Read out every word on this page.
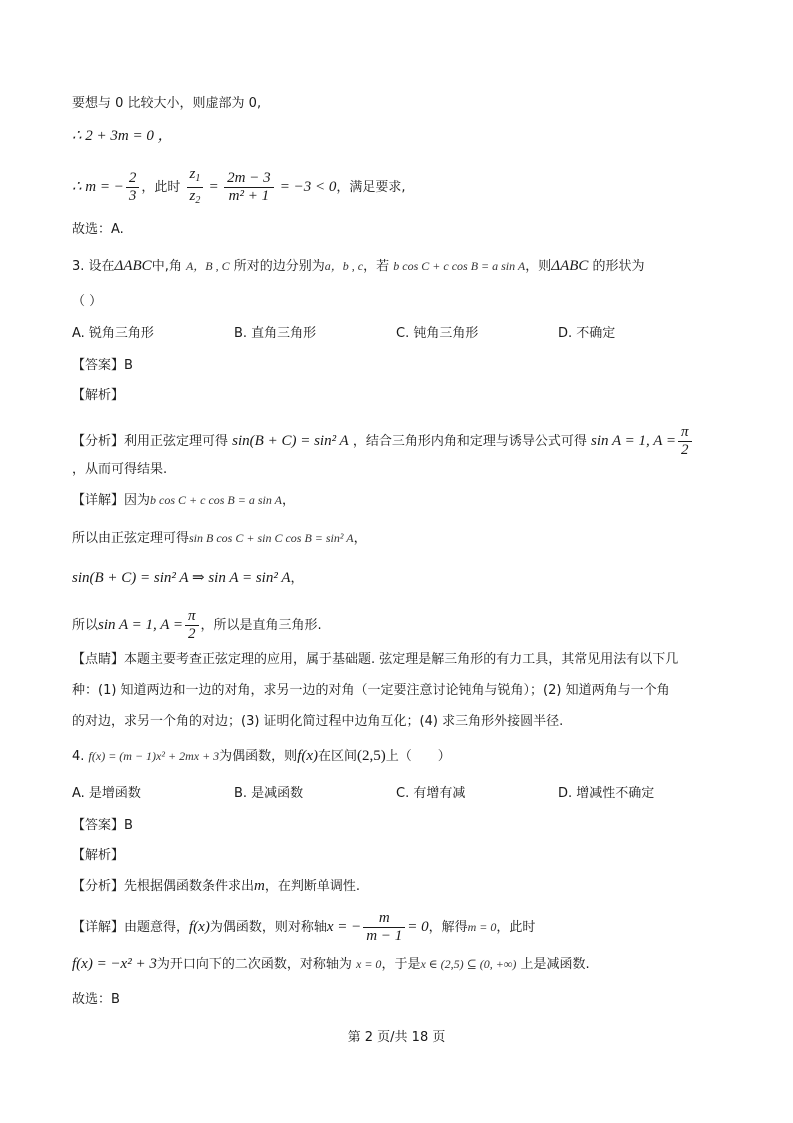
要想与 0 比较大小，则虚部为 0,
∴ 2 + 3m = 0 ，
∴ m = − $\frac{2}{3}$ ，此时 $\frac{z_1}{z_2} = \frac{2m - 3}{\text{m² + 1}} = -3 < 0$，满足要求,
故选：A.
3. 设在ΔABC中,角 A，B , C 所对的边分别为a，b , c，若 b cos C + c cos B = a sin A，则ΔABC 的形状为
（ ）
A. 锐角三角形	B. 直角三角形	C. 钝角三角形	D. 不确定
【答案】B
【解析】
【分析】利用正弦定理可得 sin(B + C) = sin² A ，结合三角形内角和定理与诱导公式可得 sin A = 1, $A = \frac{\pi}{2}$
，从而可得结果.
【详解】因为b cos C + c cos B = a sin A，
所以由正弦定理可得sin B cos C + sin C cos B = sin² A，
sin(B + C) = sin² A ⇒ sin A = sin² A，
所以sin A = 1, $A = \frac{\pi}{2}$ ，所以是直角三角形.
【点睛】本题主要考查正弦定理的应用，属于基础题. 弦定理是解三角形的有力工具，其常见用法有以下几
种：(1) 知道两边和一边的对角，求另一边的对角（一定要注意讨论钝角与锐角）；(2) 知道两角与一个角
的对边，求另一个角的对边；(3) 证明化简过程中边角互化；(4) 求三角形外接圆半径.
4. f(x) = (m − 1)x² + 2mx + 3为偶函数，则f(x)在区间(2,5)上（　　）
A. 是增函数	B. 是减函数	C. 有增有减	D. 增减性不确定
【答案】B
【解析】
【分析】先根据偶函数条件求出m，在判断单调性.
【详解】由题意得，f(x)为偶函数，则对称轴x = − $\frac{m}{m - 1} = 0$，解得m = 0，此时
f(x) = −x² + 3为开口向下的二次函数，对称轴为 x = 0，于是x ∈ (2,5) ⊆ (0, +∞) 上是减函数.
故选：B
第 2 页/共 18 页
